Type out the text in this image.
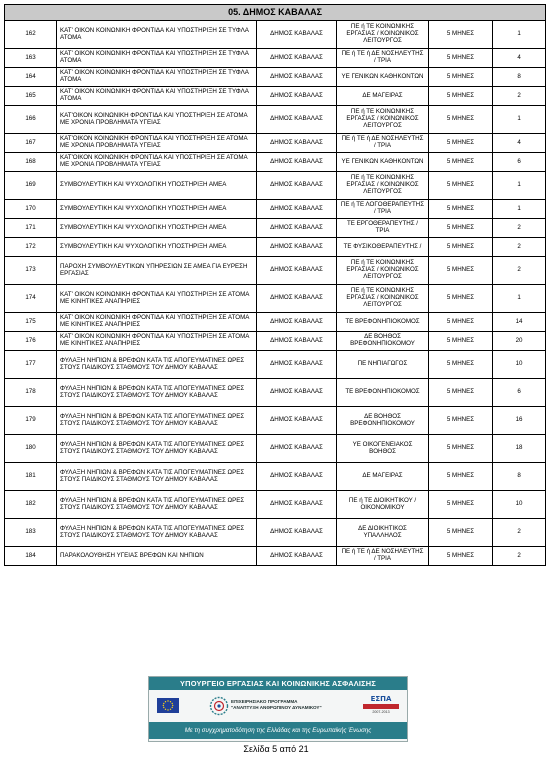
05. ΔΗΜΟΣ ΚΑΒΑΛΑΣ					
162	ΚΑΤ' ΟΙΚΟΝ ΚΟΙΝΩΝΙΚΗ ΦΡΟΝΤΙΔΑ ΚΑΙ ΥΠΟΣΤΗΡΙΞΗ ΣΕ ΤΥΦΛΑ ΑΤΟΜΑ	ΔΗΜΟΣ ΚΑΒΑΛΑΣ	ΠΕ ή ΤΕ ΚΟΙΝΩΝΙΚΗΣ ΕΡΓΑΣΙΑΣ / ΚΟΙΝΩΝΙΚΟΣ ΛΕΙΤΟΥΡΓΟΣ	5 ΜΗΝΕΣ	1
163	ΚΑΤ' ΟΙΚΟΝ ΚΟΙΝΩΝΙΚΗ ΦΡΟΝΤΙΔΑ ΚΑΙ ΥΠΟΣΤΗΡΙΞΗ ΣΕ ΤΥΦΛΑ ΑΤΟΜΑ	ΔΗΜΟΣ ΚΑΒΑΛΑΣ	ΠΕ ή ΤΕ ή ΔΕ ΝΟΣΗΛΕΥΤΗΣ / ΤΡΙΑ	5 ΜΗΝΕΣ	4
164	ΚΑΤ' ΟΙΚΟΝ ΚΟΙΝΩΝΙΚΗ ΦΡΟΝΤΙΔΑ ΚΑΙ ΥΠΟΣΤΗΡΙΞΗ ΣΕ ΤΥΦΛΑ ΑΤΟΜΑ	ΔΗΜΟΣ ΚΑΒΑΛΑΣ	ΥΕ ΓΕΝΙΚΩΝ ΚΑΘΗΚΟΝΤΩΝ	5 ΜΗΝΕΣ	8
165	ΚΑΤ' ΟΙΚΟΝ ΚΟΙΝΩΝΙΚΗ ΦΡΟΝΤΙΔΑ ΚΑΙ ΥΠΟΣΤΗΡΙΞΗ ΣΕ ΤΥΦΛΑ ΑΤΟΜΑ	ΔΗΜΟΣ ΚΑΒΑΛΑΣ	ΔΕ ΜΑΓΕΙΡΑΣ	5 ΜΗΝΕΣ	2
166	ΚΑΤ'ΟΙΚΟΝ ΚΟΙΝΩΝΙΚΗ ΦΡΟΝΤΙΔΑ ΚΑΙ ΥΠΟΣΤΗΡΙΞΗ ΣΕ ΑΤΟΜΑ ΜΕ ΧΡΟΝΙΑ ΠΡΟΒΛΗΜΑΤΑ ΥΓΕΙΑΣ	ΔΗΜΟΣ ΚΑΒΑΛΑΣ	ΠΕ ή ΤΕ ΚΟΙΝΩΝΙΚΗΣ ΕΡΓΑΣΙΑΣ / ΚΟΙΝΩΝΙΚΟΣ ΛΕΙΤΟΥΡΓΟΣ	5 ΜΗΝΕΣ	1
167	ΚΑΤ'ΟΙΚΟΝ ΚΟΙΝΩΝΙΚΗ ΦΡΟΝΤΙΔΑ ΚΑΙ ΥΠΟΣΤΗΡΙΞΗ ΣΕ ΑΤΟΜΑ ΜΕ ΧΡΟΝΙΑ ΠΡΟΒΛΗΜΑΤΑ ΥΓΕΙΑΣ	ΔΗΜΟΣ ΚΑΒΑΛΑΣ	ΠΕ ή ΤΕ ή ΔΕ ΝΟΣΗΛΕΥΤΗΣ / ΤΡΙΑ	5 ΜΗΝΕΣ	4
168	ΚΑΤ'ΟΙΚΟΝ ΚΟΙΝΩΝΙΚΗ ΦΡΟΝΤΙΔΑ ΚΑΙ ΥΠΟΣΤΗΡΙΞΗ ΣΕ ΑΤΟΜΑ ΜΕ ΧΡΟΝΙΑ ΠΡΟΒΛΗΜΑΤΑ ΥΓΕΙΑΣ	ΔΗΜΟΣ ΚΑΒΑΛΑΣ	ΥΕ ΓΕΝΙΚΩΝ ΚΑΘΗΚΟΝΤΩΝ	5 ΜΗΝΕΣ	6
169	ΣΥΜΒΟΥΛΕΥΤΙΚΗ ΚΑΙ ΨΥΧΟΛΟΓΙΚΗ ΥΠΟΣΤΗΡΙΞΗ ΑΜΕΑ	ΔΗΜΟΣ ΚΑΒΑΛΑΣ	ΠΕ ή ΤΕ ΚΟΙΝΩΝΙΚΗΣ ΕΡΓΑΣΙΑΣ / ΚΟΙΝΩΝΙΚΟΣ ΛΕΙΤΟΥΡΓΟΣ	5 ΜΗΝΕΣ	1
170	ΣΥΜΒΟΥΛΕΥΤΙΚΗ ΚΑΙ ΨΥΧΟΛΟΓΙΚΗ ΥΠΟΣΤΗΡΙΞΗ ΑΜΕΑ	ΔΗΜΟΣ ΚΑΒΑΛΑΣ	ΠΕ ή ΤΕ ΛΟΓΟΘΕΡΑΠΕΥΤΗΣ / ΤΡΙΑ	5 ΜΗΝΕΣ	1
171	ΣΥΜΒΟΥΛΕΥΤΙΚΗ ΚΑΙ ΨΥΧΟΛΟΓΙΚΗ ΥΠΟΣΤΗΡΙΞΗ ΑΜΕΑ	ΔΗΜΟΣ ΚΑΒΑΛΑΣ	ΤΕ ΕΡΓΟΘΕΡΑΠΕΥΤΗΣ / ΤΡΙΑ	5 ΜΗΝΕΣ	2
172	ΣΥΜΒΟΥΛΕΥΤΙΚΗ ΚΑΙ ΨΥΧΟΛΟΓΙΚΗ ΥΠΟΣΤΗΡΙΞΗ ΑΜΕΑ	ΔΗΜΟΣ ΚΑΒΑΛΑΣ	ΤΕ ΦΥΣΙΚΟΘΕΡΑΠΕΥΤΗΣ /	5 ΜΗΝΕΣ	2
173	ΠΑΡΟΧΗ ΣΥΜΒΟΥΛΕΥΤΙΚΩΝ ΥΠΗΡΕΣΙΩΝ ΣΕ ΑΜΕΑ ΓΙΑ ΕΥΡΕΣΗ ΕΡΓΑΣΙΑΣ	ΔΗΜΟΣ ΚΑΒΑΛΑΣ	ΠΕ ή ΤΕ ΚΟΙΝΩΝΙΚΗΣ ΕΡΓΑΣΙΑΣ / ΚΟΙΝΩΝΙΚΟΣ ΛΕΙΤΟΥΡΓΟΣ	5 ΜΗΝΕΣ	2
174	ΚΑΤ' ΟΙΚΟΝ ΚΟΙΝΩΝΙΚΗ ΦΡΟΝΤΙΔΑ ΚΑΙ ΥΠΟΣΤΗΡΙΞΗ ΣΕ ΑΤΟΜΑ ΜΕ ΚΙΝΗΤΙΚΕΣ ΑΝΑΠΗΡΙΕΣ	ΔΗΜΟΣ ΚΑΒΑΛΑΣ	ΠΕ ή ΤΕ ΚΟΙΝΩΝΙΚΗΣ ΕΡΓΑΣΙΑΣ / ΚΟΙΝΩΝΙΚΟΣ ΛΕΙΤΟΥΡΓΟΣ	5 ΜΗΝΕΣ	1
175	ΚΑΤ' ΟΙΚΟΝ ΚΟΙΝΩΝΙΚΗ ΦΡΟΝΤΙΔΑ ΚΑΙ ΥΠΟΣΤΗΡΙΞΗ ΣΕ ΑΤΟΜΑ ΜΕ ΚΙΝΗΤΙΚΕΣ ΑΝΑΠΗΡΙΕΣ	ΔΗΜΟΣ ΚΑΒΑΛΑΣ	ΤΕ ΒΡΕΦΟΝΗΠΙΟΚΟΜΟΣ	5 ΜΗΝΕΣ	14
176	ΚΑΤ' ΟΙΚΟΝ ΚΟΙΝΩΝΙΚΗ ΦΡΟΝΤΙΔΑ ΚΑΙ ΥΠΟΣΤΗΡΙΞΗ ΣΕ ΑΤΟΜΑ ΜΕ ΚΙΝΗΤΙΚΕΣ ΑΝΑΠΗΡΙΕΣ	ΔΗΜΟΣ ΚΑΒΑΛΑΣ	ΔΕ ΒΟΗΘΟΣ ΒΡΕΦΟΝΗΠΙΟΚΟΜΟΥ	5 ΜΗΝΕΣ	20
177	ΦΥΛΑΞΗ ΝΗΠΙΩΝ & ΒΡΕΦΩΝ ΚΑΤΑ ΤΙΣ ΑΠΟΓΕΥΜΑΤΙΝΕΣ ΩΡΕΣ ΣΤΟΥΣ ΠΑΙΔΙΚΟΥΣ ΣΤΑΘΜΟΥΣ ΤΟΥ ΔΗΜΟΥ ΚΑΒΑΛΑΣ	ΔΗΜΟΣ ΚΑΒΑΛΑΣ	ΠΕ ΝΗΠΙΑΓΩΓΟΣ	5 ΜΗΝΕΣ	10
178	ΦΥΛΑΞΗ ΝΗΠΙΩΝ & ΒΡΕΦΩΝ ΚΑΤΑ ΤΙΣ ΑΠΟΓΕΥΜΑΤΙΝΕΣ ΩΡΕΣ ΣΤΟΥΣ ΠΑΙΔΙΚΟΥΣ ΣΤΑΘΜΟΥΣ ΤΟΥ ΔΗΜΟΥ ΚΑΒΑΛΑΣ	ΔΗΜΟΣ ΚΑΒΑΛΑΣ	ΤΕ ΒΡΕΦΟΝΗΠΙΟΚΟΜΟΣ	5 ΜΗΝΕΣ	6
179	ΦΥΛΑΞΗ ΝΗΠΙΩΝ & ΒΡΕΦΩΝ ΚΑΤΑ ΤΙΣ ΑΠΟΓΕΥΜΑΤΙΝΕΣ ΩΡΕΣ ΣΤΟΥΣ ΠΑΙΔΙΚΟΥΣ ΣΤΑΘΜΟΥΣ ΤΟΥ ΔΗΜΟΥ ΚΑΒΑΛΑΣ	ΔΗΜΟΣ ΚΑΒΑΛΑΣ	ΔΕ ΒΟΗΘΟΣ ΒΡΕΦΟΝΗΠΙΟΚΟΜΟΥ	5 ΜΗΝΕΣ	16
180	ΦΥΛΑΞΗ ΝΗΠΙΩΝ & ΒΡΕΦΩΝ ΚΑΤΑ ΤΙΣ ΑΠΟΓΕΥΜΑΤΙΝΕΣ ΩΡΕΣ ΣΤΟΥΣ ΠΑΙΔΙΚΟΥΣ ΣΤΑΘΜΟΥΣ ΤΟΥ ΔΗΜΟΥ ΚΑΒΑΛΑΣ	ΔΗΜΟΣ ΚΑΒΑΛΑΣ	ΥΕ ΟΙΚΟΓΕΝΕΙΑΚΟΣ ΒΟΗΘΟΣ	5 ΜΗΝΕΣ	18
181	ΦΥΛΑΞΗ ΝΗΠΙΩΝ & ΒΡΕΦΩΝ ΚΑΤΑ ΤΙΣ ΑΠΟΓΕΥΜΑΤΙΝΕΣ ΩΡΕΣ ΣΤΟΥΣ ΠΑΙΔΙΚΟΥΣ ΣΤΑΘΜΟΥΣ ΤΟΥ ΔΗΜΟΥ ΚΑΒΑΛΑΣ	ΔΗΜΟΣ ΚΑΒΑΛΑΣ	ΔΕ ΜΑΓΕΙΡΑΣ	5 ΜΗΝΕΣ	8
182	ΦΥΛΑΞΗ ΝΗΠΙΩΝ & ΒΡΕΦΩΝ ΚΑΤΑ ΤΙΣ ΑΠΟΓΕΥΜΑΤΙΝΕΣ ΩΡΕΣ ΣΤΟΥΣ ΠΑΙΔΙΚΟΥΣ ΣΤΑΘΜΟΥΣ ΤΟΥ ΔΗΜΟΥ ΚΑΒΑΛΑΣ	ΔΗΜΟΣ ΚΑΒΑΛΑΣ	ΠΕ ή ΤΕ ΔΙΟΙΚΗΤΙΚΟΥ / ΟΙΚΟΝΟΜΙΚΟΥ	5 ΜΗΝΕΣ	10
183	ΦΥΛΑΞΗ ΝΗΠΙΩΝ & ΒΡΕΦΩΝ ΚΑΤΑ ΤΙΣ ΑΠΟΓΕΥΜΑΤΙΝΕΣ ΩΡΕΣ ΣΤΟΥΣ ΠΑΙΔΙΚΟΥΣ ΣΤΑΘΜΟΥΣ ΤΟΥ ΔΗΜΟΥ ΚΑΒΑΛΑΣ	ΔΗΜΟΣ ΚΑΒΑΛΑΣ	ΔΕ ΔΙΟΙΚΗΤΙΚΟΣ ΥΠΑΛΛΗΛΟΣ	5 ΜΗΝΕΣ	2
184	ΠΑΡΑΚΟΛΟΥΘΗΣΗ ΥΓΕΙΑΣ ΒΡΕΦΩΝ ΚΑΙ ΝΗΠΙΩΝ	ΔΗΜΟΣ ΚΑΒΑΛΑΣ	ΠΕ ή ΤΕ ή ΔΕ ΝΟΣΗΛΕΥΤΗΣ / ΤΡΙΑ	5 ΜΗΝΕΣ	2
ΥΠΟΥΡΓΕΙΟ ΕΡΓΑΣΙΑΣ ΚΑΙ ΚΟΙΝΩΝΙΚΗΣ ΑΣΦΑΛΙΣΗΣ
ΕΠΙΧΕΙΡΗΣΙΑΚΟ ΠΡΟΓΡΑΜΜΑ
"ΑΝΑΠΤΥΞΗ ΑΝΘΡΩΠΙΝΟΥ ΔΥΝΑΜΙΚΟΥ"
ΕΣΠΑ
2007-2013
Με τη συγχρηματοδότηση της Ελλάδας και της Ευρωπαϊκής Ένωσης
Σελίδα 5 από 21
